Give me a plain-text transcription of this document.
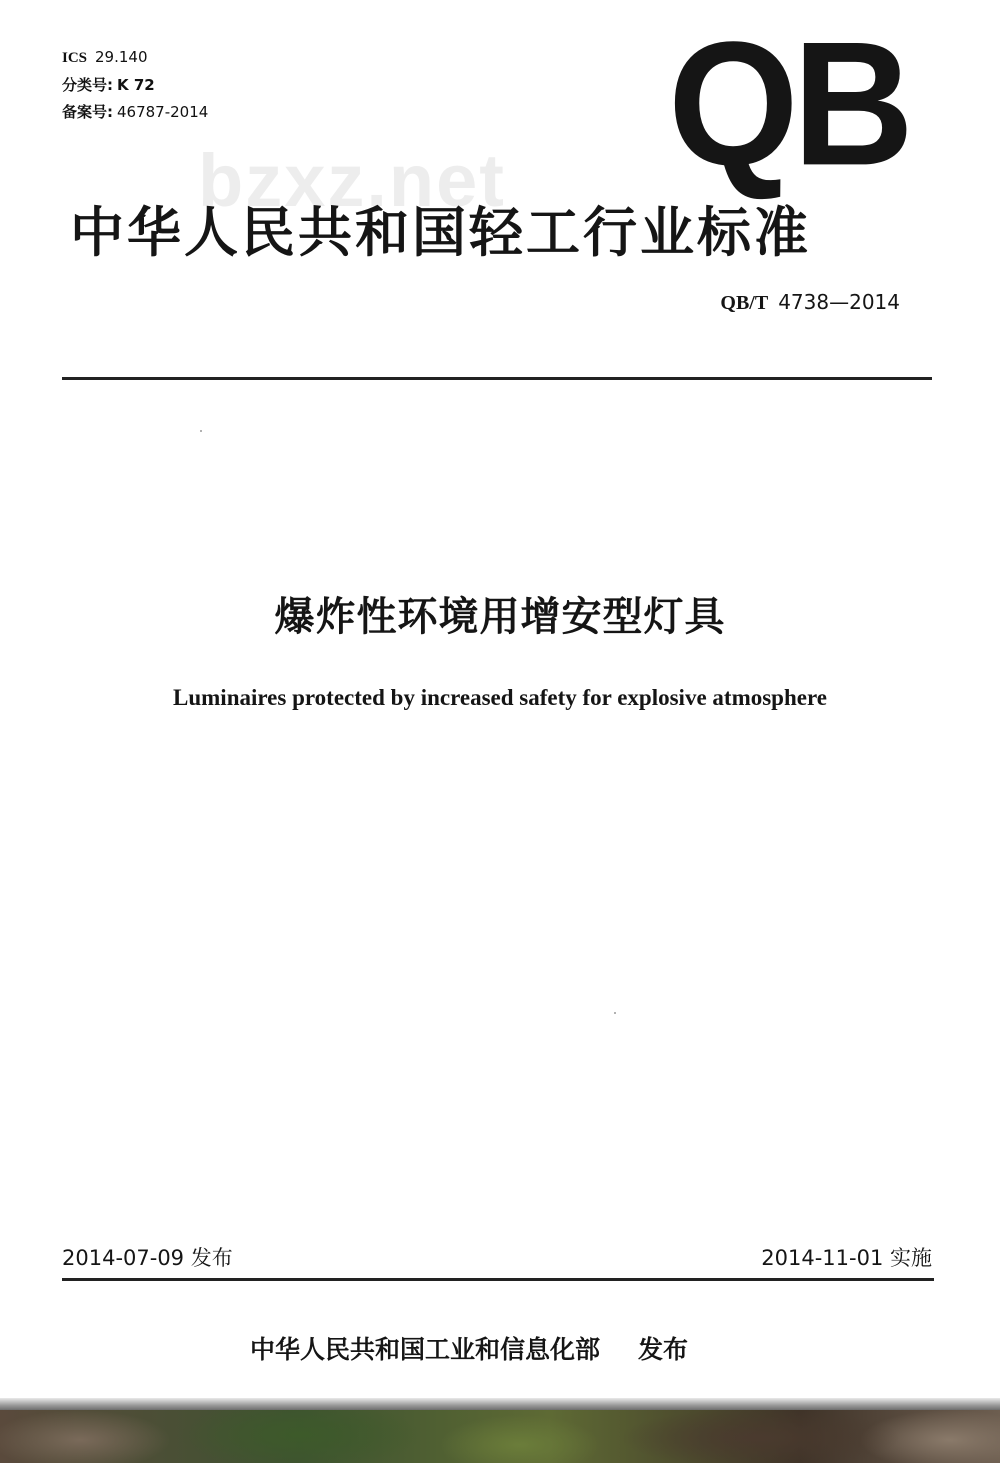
ICS 29.140
分类号: K 72
备案号: 46787-2014	QB
bzxz.net
中华人民共和国轻工行业标准
QB/T 4738—2014
爆炸性环境用增安型灯具
Luminaires protected by increased safety for explosive atmosphere
2014-07-09 发布	2014-11-01 实施
中华人民共和国工业和信息化部 发布
